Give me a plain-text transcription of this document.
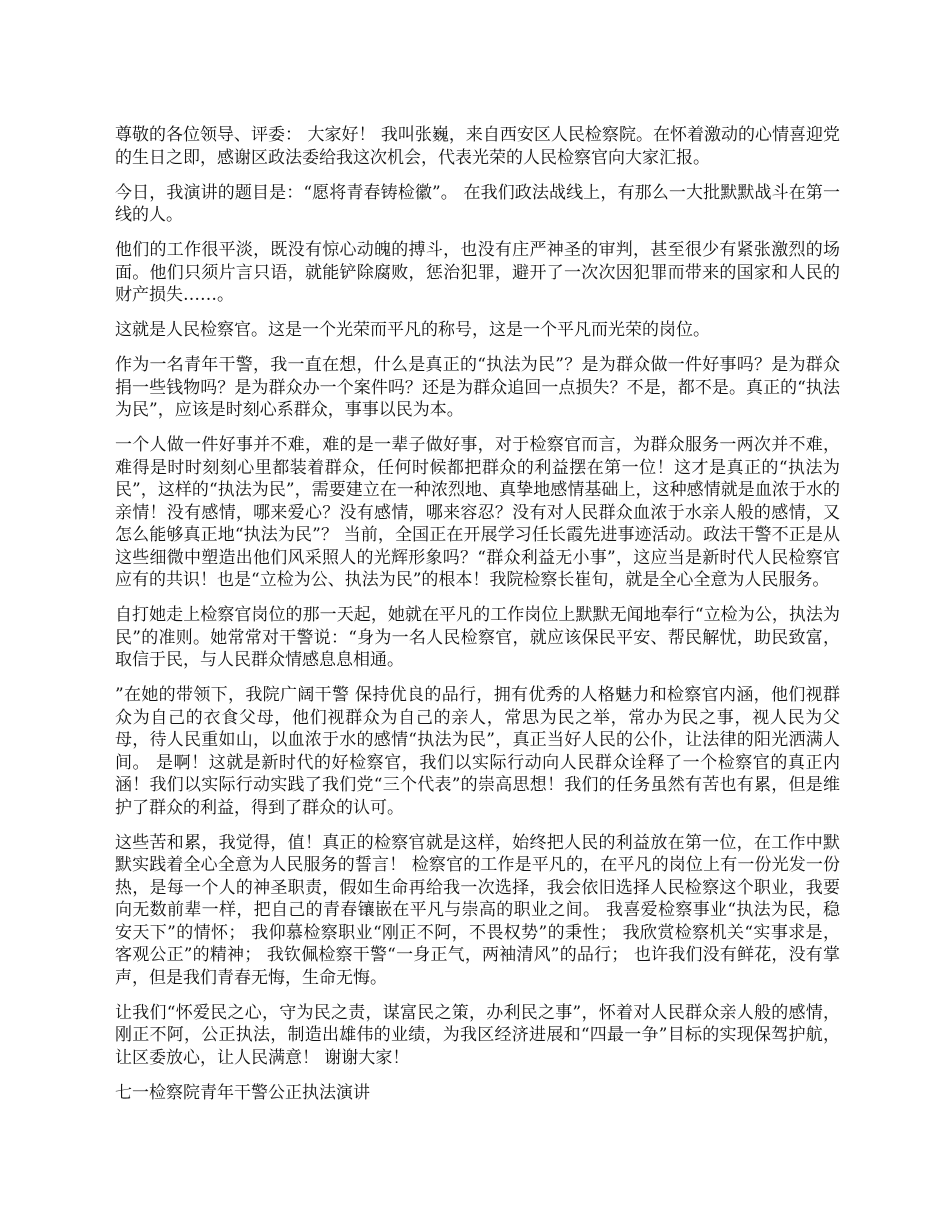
尊敬的各位领导、评委： 大家好！ 我叫张巍，来自西安区人民检察院。在怀着激动的心情喜迎党的生日之即，感谢区政法委给我这次机会，代表光荣的人民检察官向大家汇报。

今日，我演讲的题目是：“愿将青春铸检徽”。 在我们政法战线上，有那么一大批默默战斗在第一线的人。

他们的工作很平淡，既没有惊心动魄的搏斗，也没有庄严神圣的审判，甚至很少有紧张激烈的场面。他们只须片言只语，就能铲除腐败，惩治犯罪，避开了一次次因犯罪而带来的国家和人民的财产损失……。

这就是人民检察官。这是一个光荣而平凡的称号，这是一个平凡而光荣的岗位。

作为一名青年干警，我一直在想，什么是真正的“执法为民”？是为群众做一件好事吗？是为群众捐一些钱物吗？是为群众办一个案件吗？还是为群众追回一点损失？不是，都不是。真正的“执法为民”，应该是时刻心系群众，事事以民为本。

一个人做一件好事并不难，难的是一辈子做好事，对于检察官而言，为群众服务一两次并不难，难得是时时刻刻心里都装着群众，任何时候都把群众的利益摆在第一位！这才是真正的“执法为民”，这样的“执法为民”，需要建立在一种浓烈地、真挚地感情基础上，这种感情就是血浓于水的亲情！没有感情，哪来爱心？没有感情，哪来容忍？没有对人民群众血浓于水亲人般的感情，又怎么能够真正地“执法为民”？ 当前，全国正在开展学习任长霞先进事迹活动。政法干警不正是从这些细微中塑造出他们风采照人的光辉形象吗？“群众利益无小事”，这应当是新时代人民检察官应有的共识！也是“立检为公、执法为民”的根本！我院检察长崔旬，就是全心全意为人民服务。

自打她走上检察官岗位的那一天起，她就在平凡的工作岗位上默默无闻地奉行“立检为公，执法为民”的准则。她常常对干警说：“身为一名人民检察官，就应该保民平安、帮民解忧，助民致富，取信于民，与人民群众情感息息相通。

”在她的带领下，我院广阔干警 保持优良的品行，拥有优秀的人格魅力和检察官内涵，他们视群众为自己的衣食父母，他们视群众为自己的亲人，常思为民之举，常办为民之事，视人民为父母，待人民重如山，以血浓于水的感情“执法为民”，真正当好人民的公仆，让法律的阳光洒满人间。 是啊！这就是新时代的好检察官，我们以实际行动向人民群众诠释了一个检察官的真正内涵！我们以实际行动实践了我们党“三个代表”的崇高思想！我们的任务虽然有苦也有累，但是维护了群众的利益，得到了群众的认可。

这些苦和累，我觉得，值！真正的检察官就是这样，始终把人民的利益放在第一位，在工作中默默实践着全心全意为人民服务的誓言！ 检察官的工作是平凡的，在平凡的岗位上有一份光发一份热，是每一个人的神圣职责，假如生命再给我一次选择，我会依旧选择人民检察这个职业，我要向无数前辈一样，把自己的青春镶嵌在平凡与崇高的职业之间。 我喜爱检察事业“执法为民，稳安天下”的情怀； 我仰慕检察职业“刚正不阿，不畏权势”的秉性； 我欣赏检察机关“实事求是，客观公正”的精神； 我钦佩检察干警“一身正气，两袖清风”的品行； 也许我们没有鲜花，没有掌声，但是我们青春无悔，生命无悔。

让我们“怀爱民之心，守为民之责，谋富民之策，办利民之事”，怀着对人民群众亲人般的感情，刚正不阿，公正执法，制造出雄伟的业绩，为我区经济进展和“四最一争”目标的实现保驾护航，让区委放心，让人民满意！ 谢谢大家！

七一检察院青年干警公正执法演讲
